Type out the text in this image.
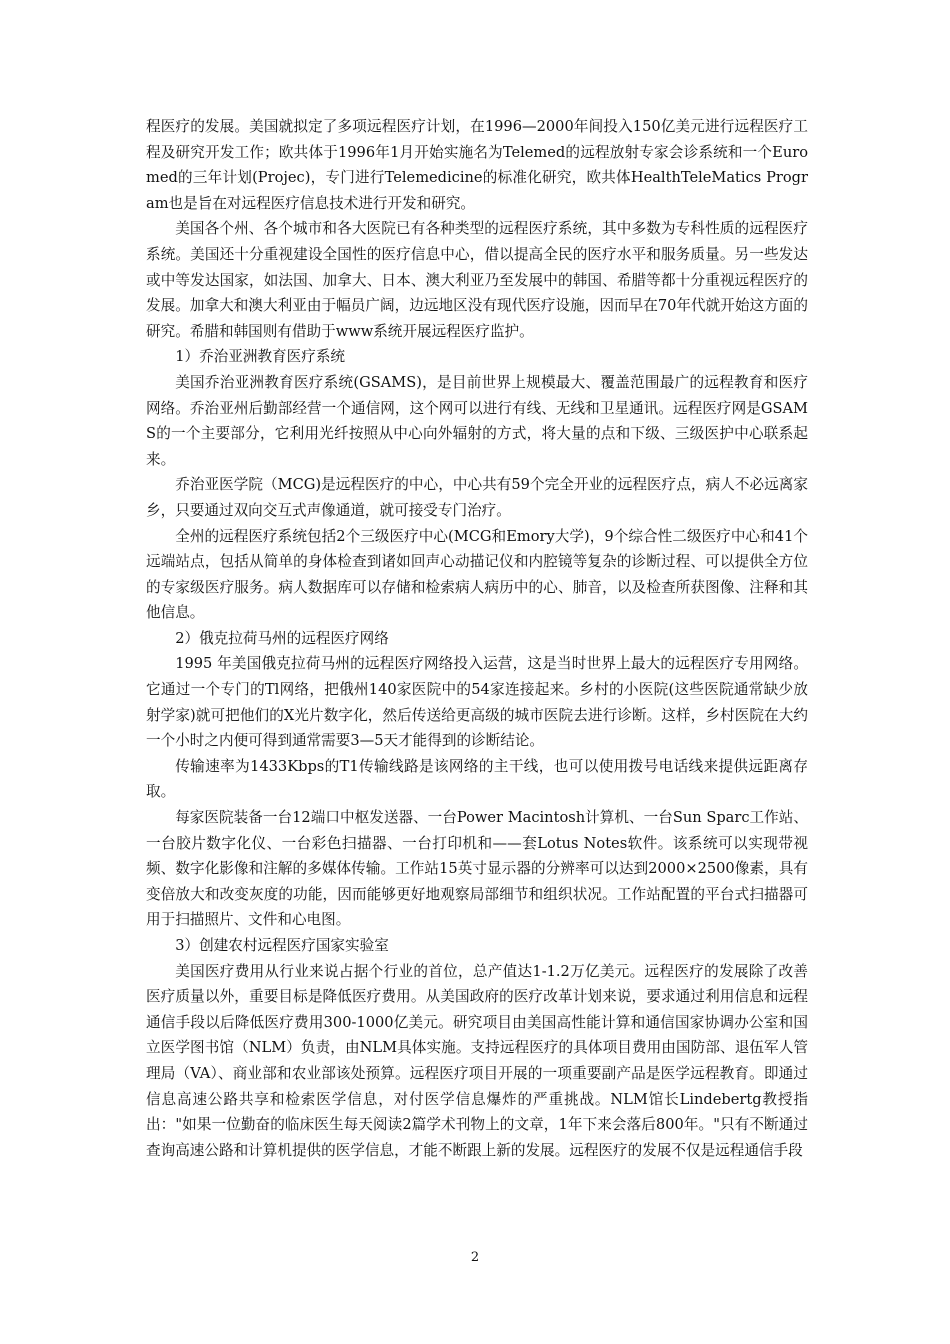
程医疗的发展。美国就拟定了多项远程医疗计划，在1996—2000年间投入150亿美元进行远程医疗工程及研究开发工作；欧共体于1996年1月开始实施名为Telemed的远程放射专家会诊系统和一个Euromed的三年计划(Projec)，专门进行Telemedicine的标准化研究，欧共体HealthTeleMatics Program也是旨在对远程医疗信息技术进行开发和研究。

美国各个州、各个城市和各大医院已有各种类型的远程医疗系统，其中多数为专科性质的远程医疗系统。美国还十分重视建设全国性的医疗信息中心，借以提高全民的医疗水平和服务质量。另一些发达或中等发达国家，如法国、加拿大、日本、澳大利亚乃至发展中的韩国、希腊等都十分重视远程医疗的发展。加拿大和澳大利亚由于幅员广阔，边远地区没有现代医疗设施，因而早在70年代就开始这方面的研究。希腊和韩国则有借助于www系统开展远程医疗监护。

1）乔治亚洲教育医疗系统

美国乔治亚洲教育医疗系统(GSAMS)，是目前世界上规模最大、覆盖范围最广的远程教育和医疗网络。乔治亚州后勤部经营一个通信网，这个网可以进行有线、无线和卫星通讯。远程医疗网是GSAMS的一个主要部分，它利用光纤按照从中心向外辐射的方式，将大量的点和下级、三级医护中心联系起来。

乔治亚医学院（MCG)是远程医疗的中心，中心共有59个完全开业的远程医疗点，病人不必远离家乡，只要通过双向交互式声像通道，就可接受专门治疗。

全州的远程医疗系统包括2个三级医疗中心(MCG和Emory大学)，9个综合性二级医疗中心和41个远端站点，包括从简单的身体检查到诸如回声心动描记仪和内腔镜等复杂的诊断过程、可以提供全方位的专家级医疗服务。病人数据库可以存储和检索病人病历中的心、肺音，以及检查所获图像、注释和其他信息。

2）俄克拉荷马州的远程医疗网络

1995 年美国俄克拉荷马州的远程医疗网络投入运营，这是当时世界上最大的远程医疗专用网络。它通过一个专门的Tl网络，把俄州140家医院中的54家连接起来。乡村的小医院(这些医院通常缺少放射学家)就可把他们的X光片数字化，然后传送给更高级的城市医院去进行诊断。这样，乡村医院在大约一个小时之内便可得到通常需要3—5天才能得到的诊断结论。

传输速率为1433Kbps的T1传输线路是该网络的主干线，也可以使用拨号电话线来提供远距离存取。

每家医院装备一台12端口中枢发送器、一台Power Macintosh计算机、一台Sun Sparc工作站、一台胶片数字化仪、一台彩色扫描器、一台打印机和——套Lotus Notes软件。该系统可以实现带视频、数字化影像和注解的多媒体传输。工作站15英寸显示器的分辨率可以达到2000×2500像素，具有变倍放大和改变灰度的功能，因而能够更好地观察局部细节和组织状况。工作站配置的平台式扫描器可用于扫描照片、文件和心电图。

3）创建农村远程医疗国家实验室

美国医疗费用从行业来说占据个行业的首位，总产值达1-1.2万亿美元。远程医疗的发展除了改善医疗质量以外，重要目标是降低医疗费用。从美国政府的医疗改革计划来说，要求通过利用信息和远程通信手段以后降低医疗费用300-1000亿美元。研究项目由美国高性能计算和通信国家协调办公室和国立医学图书馆（NLM）负责，由NLM具体实施。支持远程医疗的具体项目费用由国防部、退伍军人管理局（VA）、商业部和农业部该处预算。远程医疗项目开展的一项重要副产品是医学远程教育。即通过信息高速公路共享和检索医学信息，对付医学信息爆炸的严重挑战。NLM馆长Lindebertg教授指出："如果一位勤奋的临床医生每天阅读2篇学术刊物上的文章，1年下来会落后800年。"只有不断通过查询高速公路和计算机提供的医学信息，才能不断跟上新的发展。远程医疗的发展不仅是远程通信手段

2
